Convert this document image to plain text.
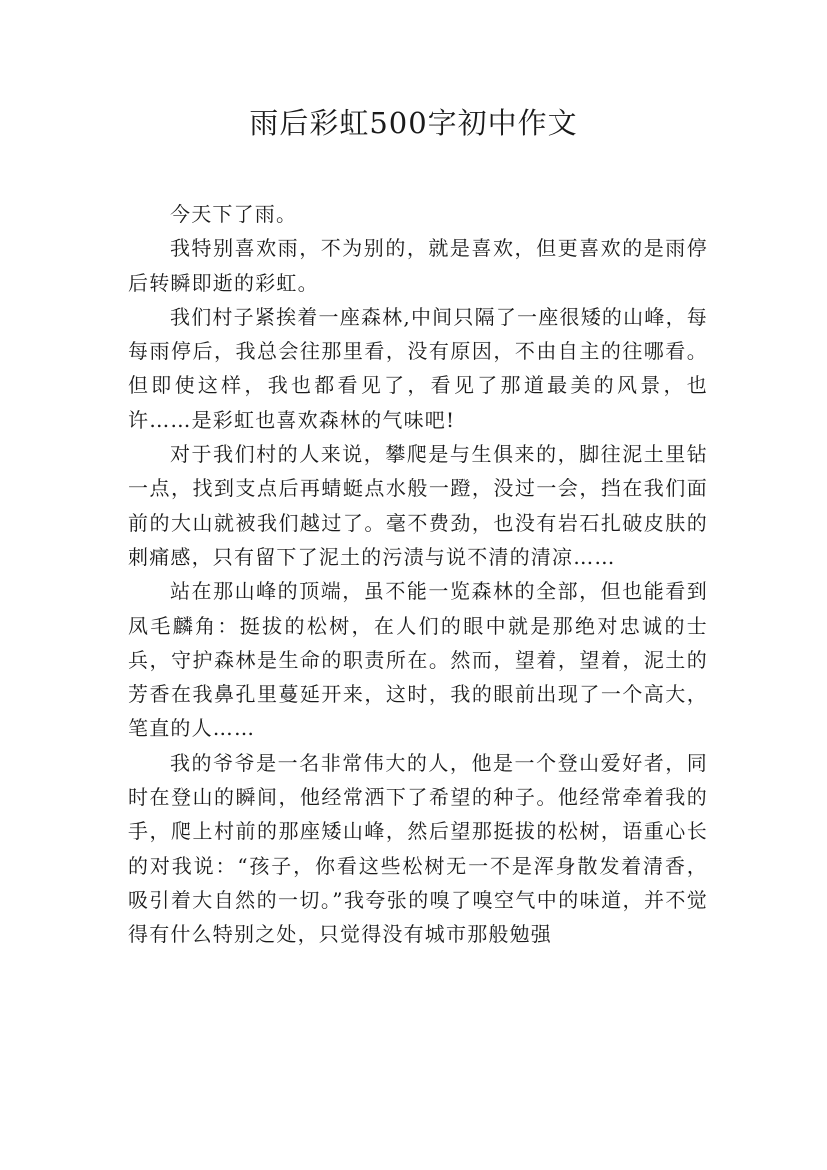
雨后彩虹500字初中作文

今天下了雨。

我特别喜欢雨，不为别的，就是喜欢，但更喜欢的是雨停后转瞬即逝的彩虹。

我们村子紧挨着一座森林,中间只隔了一座很矮的山峰，每每雨停后，我总会往那里看，没有原因，不由自主的往哪看。但即使这样，我也都看见了，看见了那道最美的风景，也许……是彩虹也喜欢森林的气味吧!

对于我们村的人来说，攀爬是与生俱来的，脚往泥土里钻一点，找到支点后再蜻蜓点水般一蹬，没过一会，挡在我们面前的大山就被我们越过了。毫不费劲，也没有岩石扎破皮肤的刺痛感，只有留下了泥土的污渍与说不清的清凉……

站在那山峰的顶端，虽不能一览森林的全部，但也能看到凤毛麟角：挺拔的松树，在人们的眼中就是那绝对忠诚的士兵，守护森林是生命的职责所在。然而，望着，望着，泥土的芳香在我鼻孔里蔓延开来，这时，我的眼前出现了一个高大，笔直的人……

我的爷爷是一名非常伟大的人，他是一个登山爱好者，同时在登山的瞬间，他经常洒下了希望的种子。他经常牵着我的手，爬上村前的那座矮山峰，然后望那挺拔的松树，语重心长的对我说：“孩子，你看这些松树无一不是浑身散发着清香，吸引着大自然的一切。”我夸张的嗅了嗅空气中的味道，并不觉得有什么特别之处，只觉得没有城市那般勉强
